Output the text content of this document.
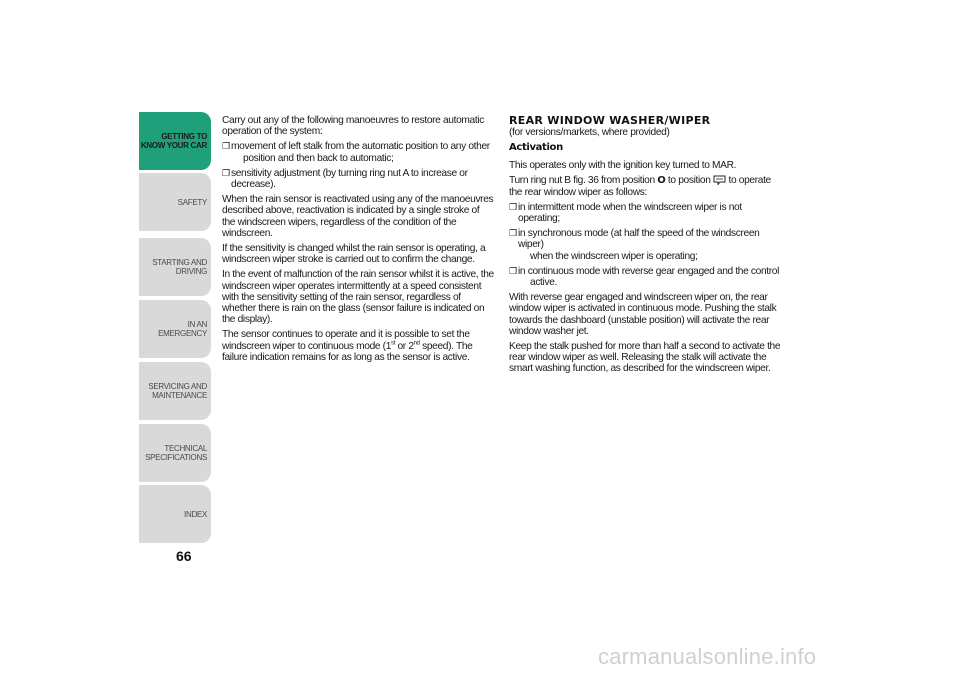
GETTING TO
KNOW YOUR CAR
SAFETY
STARTING AND
DRIVING
IN AN EMERGENCY
SERVICING AND
MAINTENANCE
TECHNICAL
SPECIFICATIONS
INDEX
66

Carry out any of the following manoeuvres to restore automatic operation of the system:

❒movement of left stalk from the automatic position to any other
position and then back to automatic;
❒sensitivity adjustment (by turning ring nut A to increase or decrease).

When the rain sensor is reactivated using any of the manoeuvres described above, reactivation is indicated by a single stroke of the windscreen wipers, regardless of the condition of the windscreen.

If the sensitivity is changed whilst the rain sensor is operating, a windscreen wiper stroke is carried out to confirm the change.

In the event of malfunction of the rain sensor whilst it is active, the windscreen wiper operates intermittently at a speed consistent with the sensitivity setting of the rain sensor, regardless of whether there is rain on the glass (sensor failure is indicated on the display).

The sensor continues to operate and it is possible to set the windscreen wiper to continuous mode (1st or 2nd speed). The failure indication remains for as long as the sensor is active.

REAR WINDOW WASHER/WIPER

(for versions/markets, where provided)

Activation

This operates only with the ignition key turned to MAR.

Turn ring nut B fig. 36 from position O to position  to operate the rear window wiper as follows:

❒in intermittent mode when the windscreen wiper is not operating;
❒in synchronous mode (at half the speed of the windscreen wiper)
when the windscreen wiper is operating;
❒in continuous mode with reverse gear engaged and the control
active.

With reverse gear engaged and windscreen wiper on, the rear window wiper is activated in continuous mode. Pushing the stalk towards the dashboard (unstable position) will activate the rear window washer jet.

Keep the stalk pushed for more than half a second to activate the rear window wiper as well. Releasing the stalk will activate the smart washing function, as described for the windscreen wiper.

carmanualsonline.info
